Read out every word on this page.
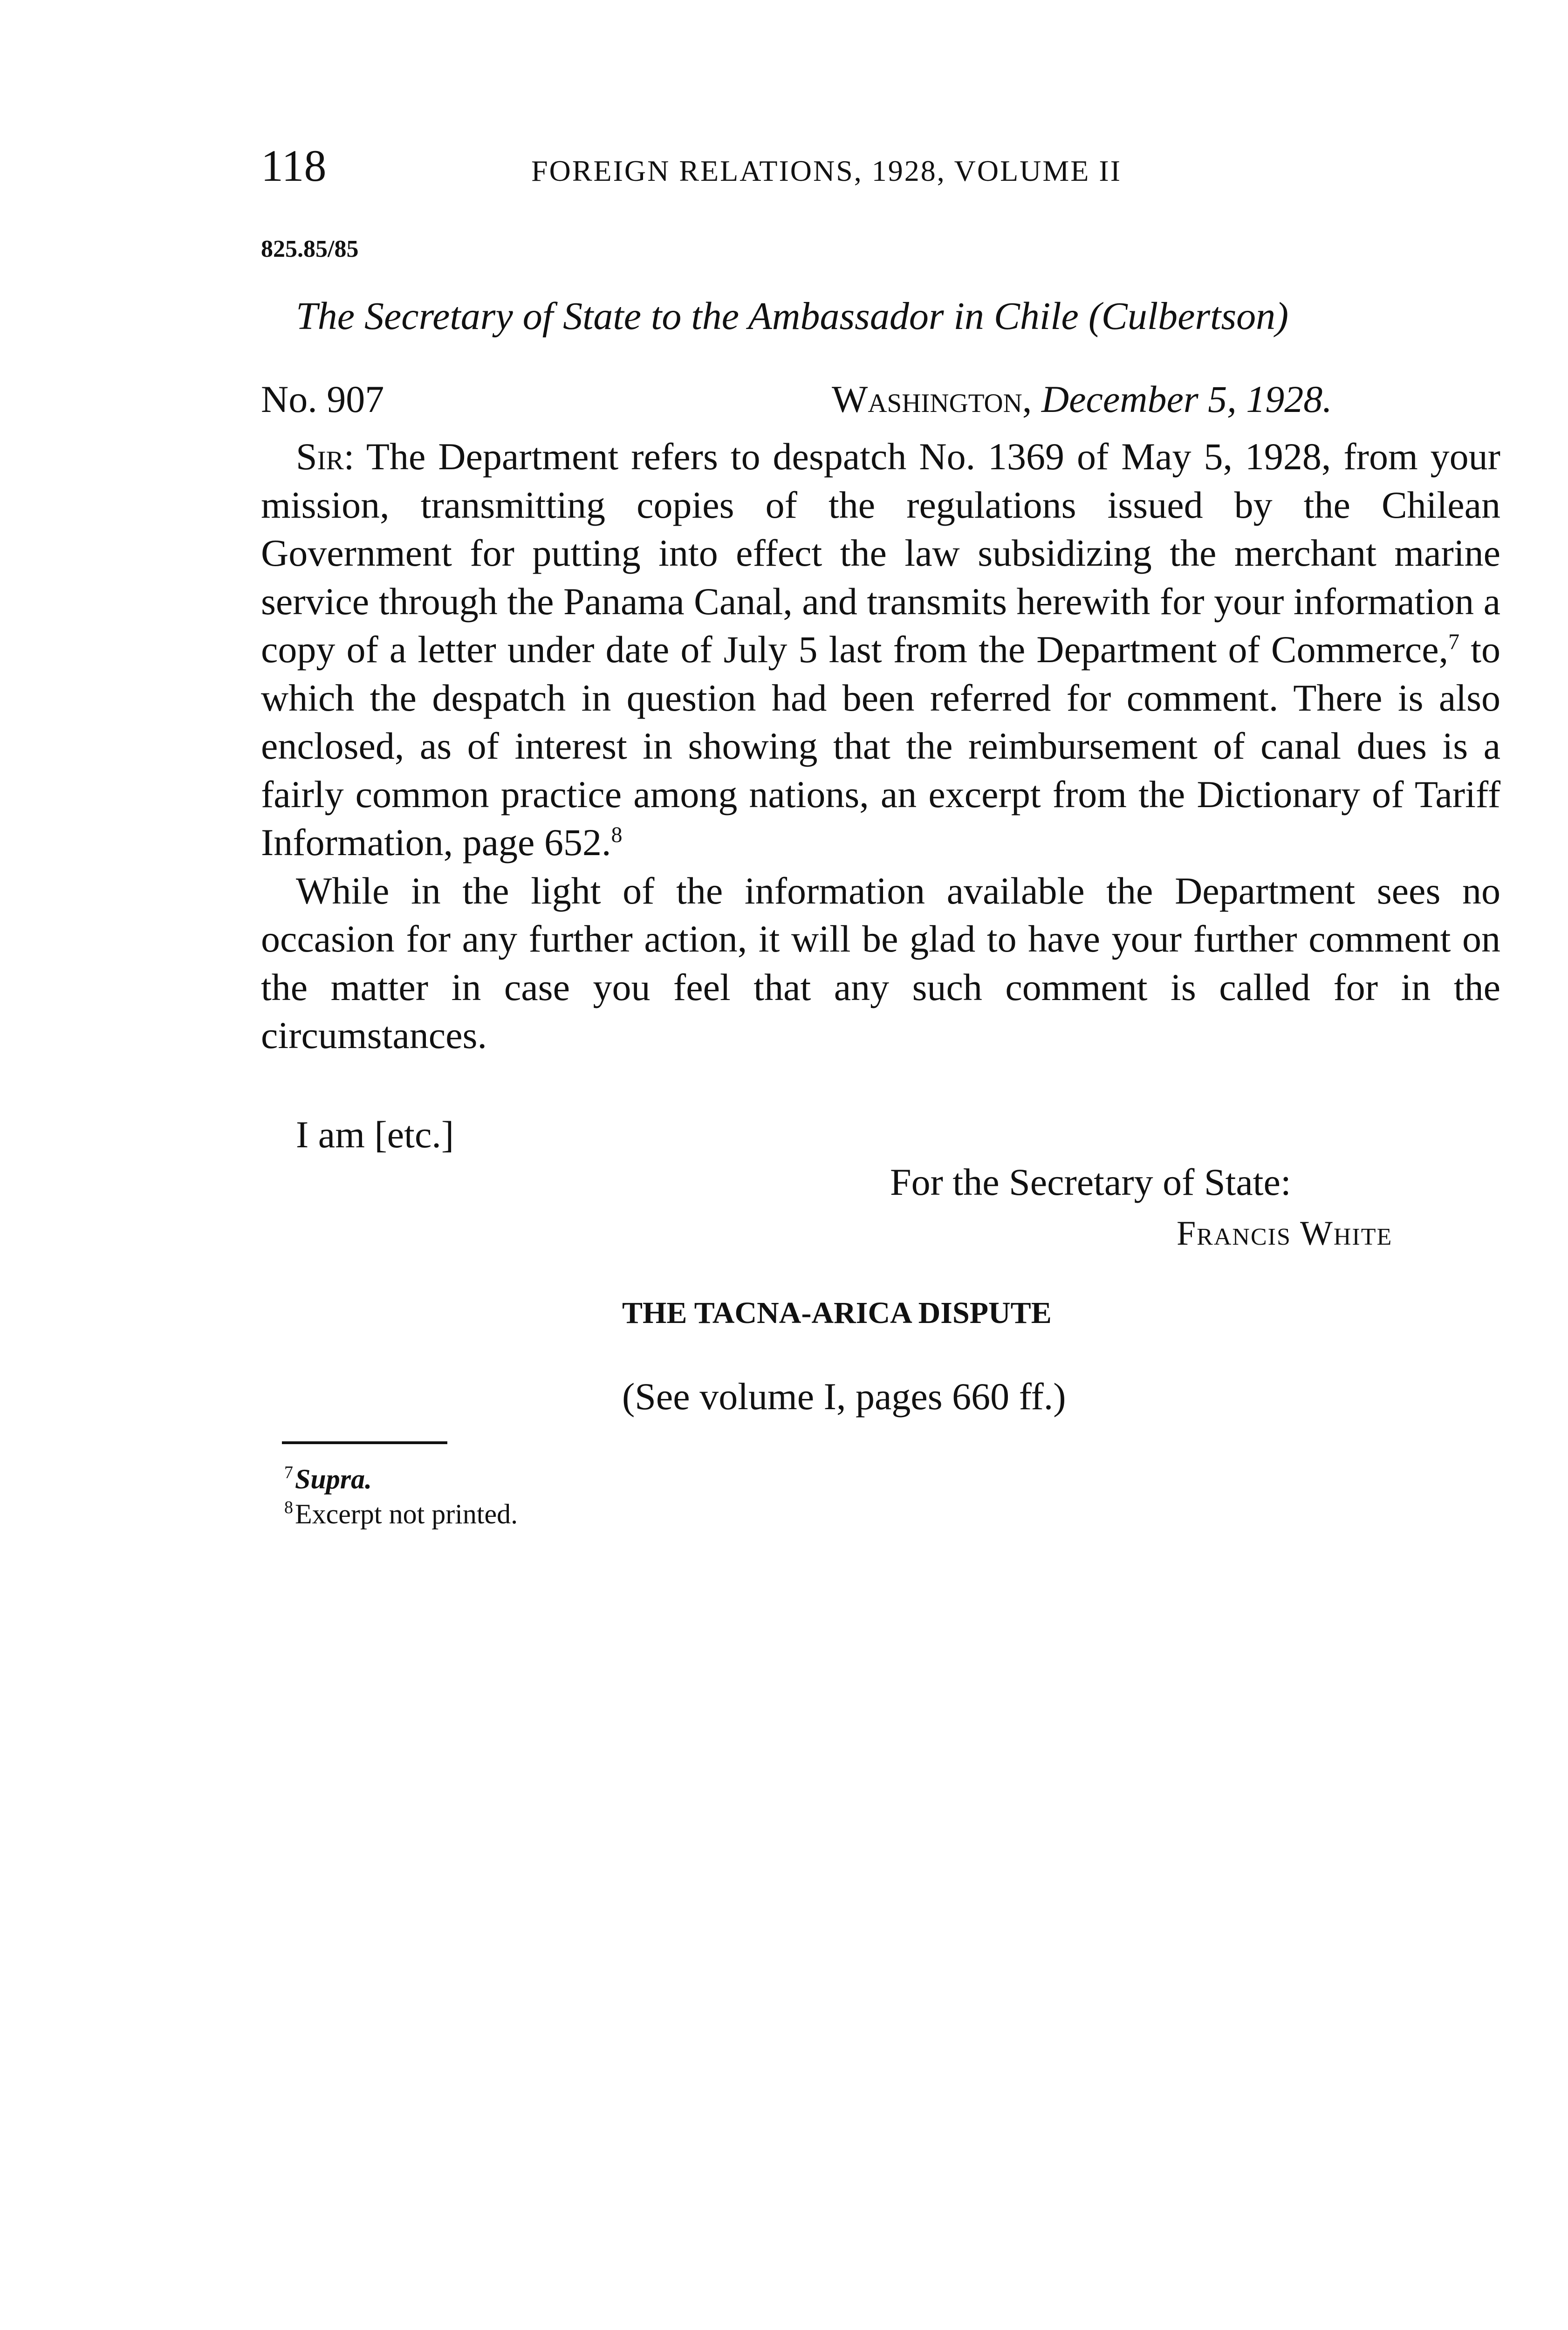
118	FOREIGN RELATIONS, 1928, VOLUME II
825.85/85
The Secretary of State to the Ambassador in Chile (Culbertson)
No. 907	Washington, December 5, 1928.

Sir: The Department refers to despatch No. 1369 of May 5, 1928, from your mission, transmitting copies of the regulations issued by the Chilean Government for putting into effect the law subsidizing the merchant marine service through the Panama Canal, and transmits herewith for your information a copy of a letter under date of July 5 last from the Department of Commerce,$^7$ to which the despatch in question had been referred for comment. There is also enclosed, as of interest in showing that the reimbursement of canal dues is a fairly common practice among nations, an excerpt from the Dictionary of Tariff Information, page 652.$^8$

While in the light of the information available the Department sees no occasion for any further action, it will be glad to have your further comment on the matter in case you feel that any such comment is called for in the circumstances.

I am [etc.]
For the Secretary of State:
Francis White
THE TACNA-ARICA DISPUTE
(See volume I, pages 660 ff.)
$^7$Supra.
$^8$Excerpt not printed.
